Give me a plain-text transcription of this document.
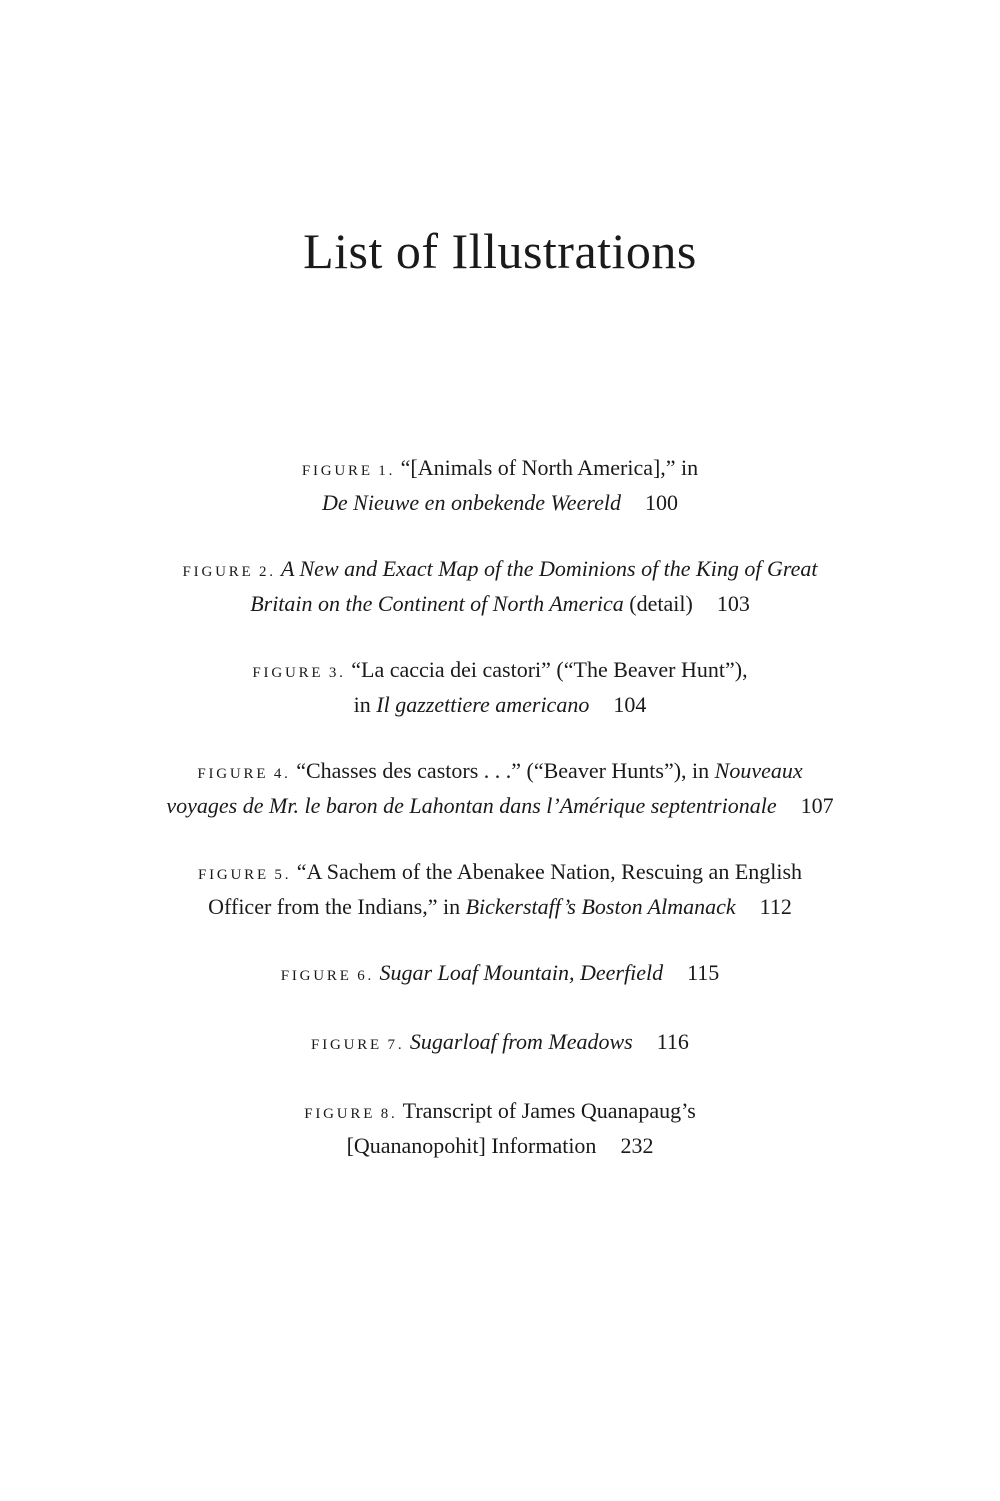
List of Illustrations
FIGURE 1. “[Animals of North America],” in
De Nieuwe en onbekende Weereld 100
FIGURE 2. A New and Exact Map of the Dominions of the King of Great
Britain on the Continent of North America (detail) 103
FIGURE 3. “La caccia dei castori” (“The Beaver Hunt”),
in Il gazzettiere americano 104
FIGURE 4. “Chasses des castors . . .” (“Beaver Hunts”), in Nouveaux
voyages de Mr. le baron de Lahontan dans l’Amérique septentrionale 107
FIGURE 5. “A Sachem of the Abenakee Nation, Rescuing an English
Officer from the Indians,” in Bickerstaff’s Boston Almanack 112
FIGURE 6. Sugar Loaf Mountain, Deerfield 115
FIGURE 7. Sugarloaf from Meadows 116
FIGURE 8. Transcript of James Quanapaug’s
[Quananopohit] Information 232
